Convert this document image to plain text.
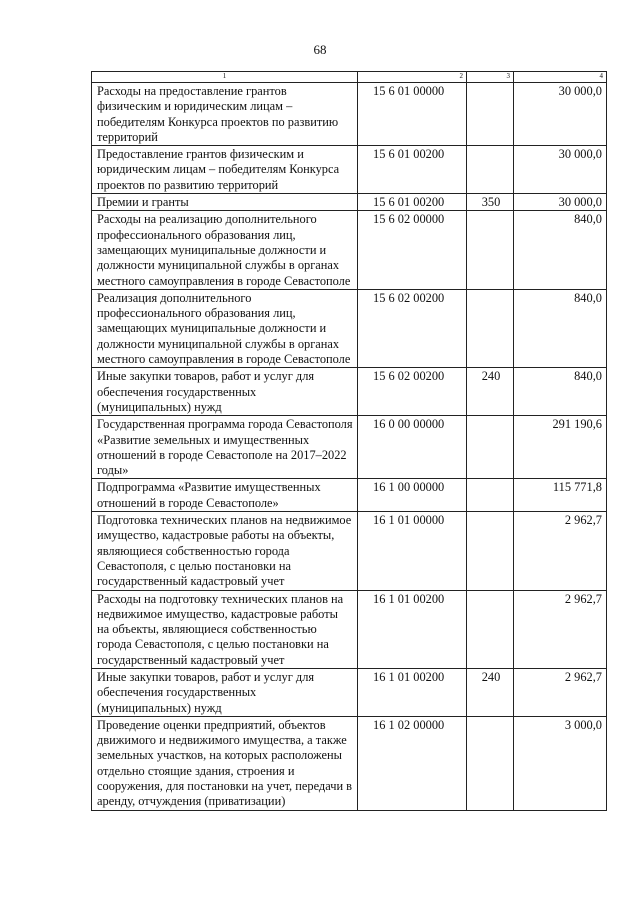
68
1	2	3	4
Расходы на предоставление грантов физическим и юридическим лицам – победителям Конкурса проектов по развитию территорий	15 6 01 00000		30 000,0
Предоставление грантов физическим и юридическим лицам – победителям Конкурса проектов по развитию территорий	15 6 01 00200		30 000,0
Премии и гранты	15 6 01 00200	350	30 000,0
Расходы на реализацию дополнительного профессионального образования лиц, замещающих муниципальные должности и должности муниципальной службы в органах местного самоуправления в городе Севастополе	15 6 02 00000		840,0
Реализация дополнительного профессионального образования лиц, замещающих муниципальные должности и должности муниципальной службы в органах местного самоуправления в городе Севастополе	15 6 02 00200		840,0
Иные закупки товаров, работ и услуг для обеспечения государственных (муниципальных) нужд	15 6 02 00200	240	840,0
Государственная программа города Севастополя «Развитие земельных и имущественных отношений в городе Севастополе на 2017–2022 годы»	16 0 00 00000		291 190,6
Подпрограмма «Развитие имущественных отношений в городе Севастополе»	16 1 00 00000		115 771,8
Подготовка технических планов на недвижимое имущество, кадастровые работы на объекты, являющиеся собственностью города Севастополя, с целью постановки на государственный кадастровый учет	16 1 01 00000		2 962,7
Расходы на подготовку технических планов на недвижимое имущество, кадастровые работы на объекты, являющиеся собственностью города Севастополя, с целью постановки на государственный кадастровый учет	16 1 01 00200		2 962,7
Иные закупки товаров, работ и услуг для обеспечения государственных (муниципальных) нужд	16 1 01 00200	240	2 962,7
Проведение оценки предприятий, объектов движимого и недвижимого имущества, а также земельных участков, на которых расположены отдельно стоящие здания, строения и сооружения, для постановки на учет, передачи в аренду, отчуждения (приватизации)	16 1 02 00000		3 000,0
